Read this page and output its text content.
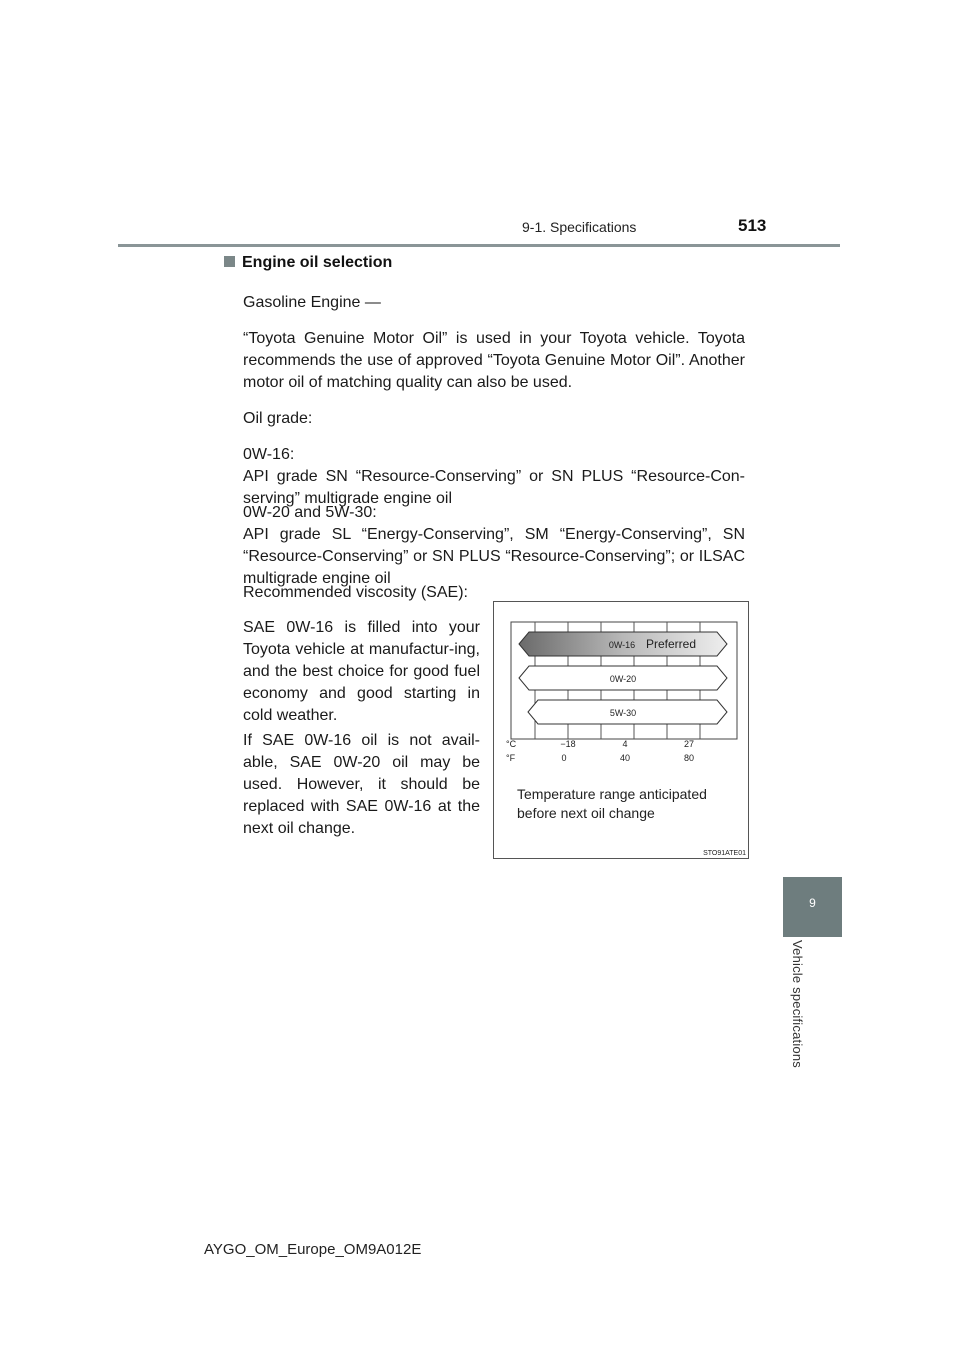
9-1. Specifications	513
9
Vehicle specifications
Engine oil selection
Gasoline Engine —
“Toyota Genuine Motor Oil” is used in your Toyota vehicle. Toyota recommends the use of approved “Toyota Genuine Motor Oil”. Another motor oil of matching quality can also be used.
Oil grade:
0W-16:
API grade SN “Resource-Conserving” or SN PLUS “Resource-Con-serving” multigrade engine oil
0W-20 and 5W-30:
API grade SL “Energy-Conserving”, SM “Energy-Conserving”, SN “Resource-Conserving” or SN PLUS “Resource-Conserving”; or ILSAC multigrade engine oil
Recommended viscosity (SAE):
SAE 0W-16 is filled into your Toyota vehicle at manufactur-ing, and the best choice for good fuel economy and good starting in cold weather.
If SAE 0W-16 oil is not avail-able, SAE 0W-20 oil may be used. However, it should be replaced with SAE 0W-16 at the next oil change.
0W-16 Preferred
0W-20
5W-30
°C	−18	4	27
°F	0	40	80
Temperature range anticipated
before next oil change
STO91ATE01
AYGO_OM_Europe_OM9A012E
